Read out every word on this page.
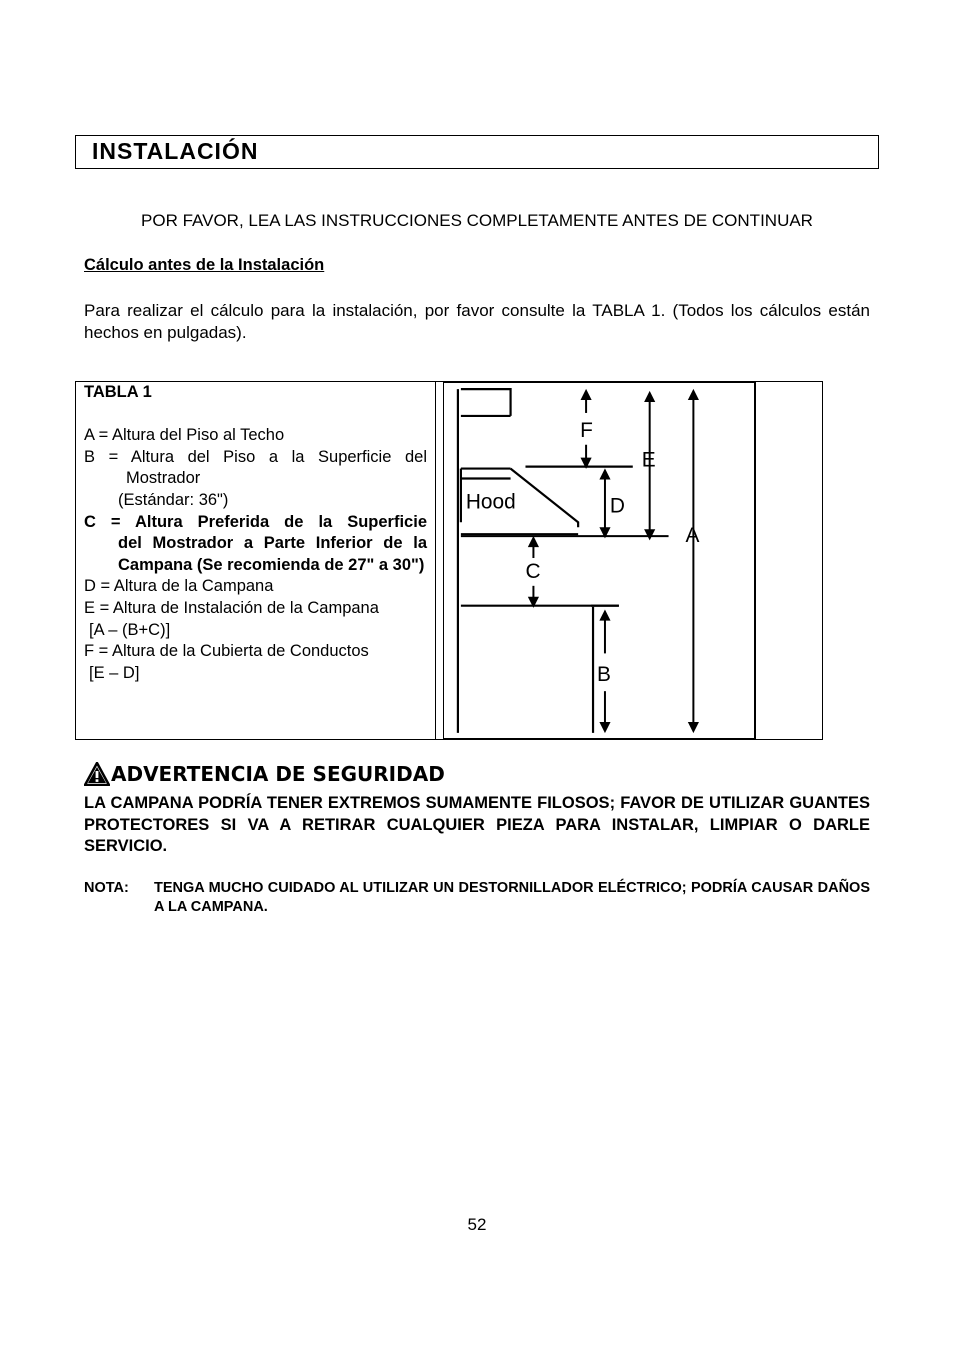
INSTALACIÓN
POR FAVOR, LEA LAS INSTRUCCIONES COMPLETAMENTE ANTES DE CONTINUAR
Cálculo antes de la Instalación
Para realizar el cálculo para la instalación, por favor consulte la TABLA 1. (Todos los cálculos están hechos en pulgadas).
TABLA 1
A = Altura del Piso al Techo
B = Altura del Piso a la Superficie del
Mostrador
(Estándar: 36")
C = Altura Preferida de la Superficie
del Mostrador a Parte Inferior de la Campana (Se recomienda de 27" a 30")
D = Altura de la Campana
E = Altura de Instalación de la Campana
[A – (B+C)]
F = Altura de la Cubierta de Conductos
[E – D]
Hood
F
E
D
A
C
B
ADVERTENCIA DE SEGURIDAD
LA CAMPANA PODRÍA TENER EXTREMOS SUMAMENTE FILOSOS; FAVOR DE UTILIZAR GUANTES PROTECTORES SI VA A RETIRAR CUALQUIER PIEZA PARA INSTALAR, LIMPIAR O DARLE SERVICIO.
NOTA:	TENGA MUCHO CUIDADO AL UTILIZAR UN DESTORNILLADOR ELÉCTRICO; PODRÍA CAUSAR DAÑOS A LA CAMPANA.
52
